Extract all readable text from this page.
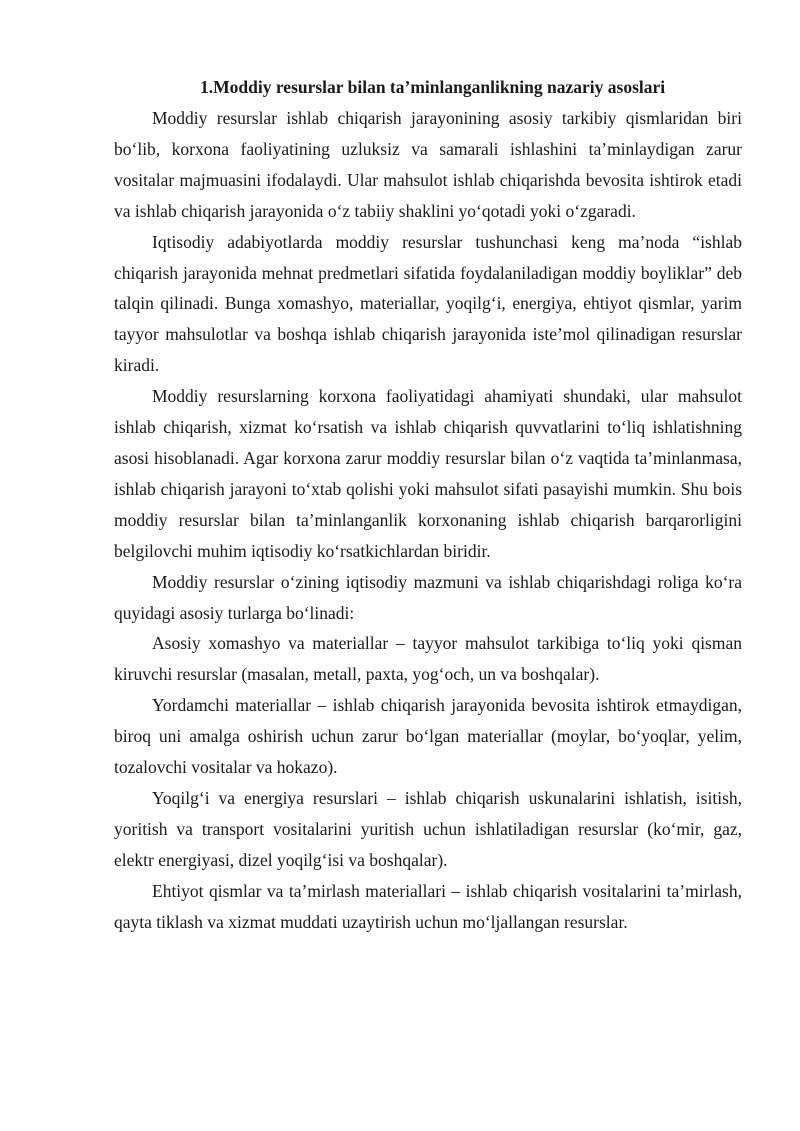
1.Moddiy resurslar bilan ta’minlanganlikning nazariy asoslari

Moddiy resurslar ishlab chiqarish jarayonining asosiy tarkibiy qismlaridan biri bo‘lib, korxona faoliyatining uzluksiz va samarali ishlashini ta’minlaydigan zarur vositalar majmuasini ifodalaydi. Ular mahsulot ishlab chiqarishda bevosita ishtirok etadi va ishlab chiqarish jarayonida o‘z tabiiy shaklini yo‘qotadi yoki o‘zgaradi.

Iqtisodiy adabiyotlarda moddiy resurslar tushunchasi keng ma’noda “ishlab chiqarish jarayonida mehnat predmetlari sifatida foydalaniladigan moddiy boyliklar” deb talqin qilinadi. Bunga xomashyo, materiallar, yoqilg‘i, energiya, ehtiyot qismlar, yarim tayyor mahsulotlar va boshqa ishlab chiqarish jarayonida iste’mol qilinadigan resurslar kiradi.

Moddiy resurslarning korxona faoliyatidagi ahamiyati shundaki, ular mahsulot ishlab chiqarish, xizmat ko‘rsatish va ishlab chiqarish quvvatlarini to‘liq ishlatishning asosi hisoblanadi. Agar korxona zarur moddiy resurslar bilan o‘z vaqtida ta’minlanmasa, ishlab chiqarish jarayoni to‘xtab qolishi yoki mahsulot sifati pasayishi mumkin. Shu bois moddiy resurslar bilan ta’minlanganlik korxonaning ishlab chiqarish barqarorligini belgilovchi muhim iqtisodiy ko‘rsatkichlardan biridir.

Moddiy resurslar o‘zining iqtisodiy mazmuni va ishlab chiqarishdagi roliga ko‘ra quyidagi asosiy turlarga bo‘linadi:

Asosiy xomashyo va materiallar – tayyor mahsulot tarkibiga to‘liq yoki qisman kiruvchi resurslar (masalan, metall, paxta, yog‘och, un va boshqalar).

Yordamchi materiallar – ishlab chiqarish jarayonida bevosita ishtirok etmaydigan, biroq uni amalga oshirish uchun zarur bo‘lgan materiallar (moylar, bo‘yoqlar, yelim, tozalovchi vositalar va hokazo).

Yoqilg‘i va energiya resurslari – ishlab chiqarish uskunalarini ishlatish, isitish, yoritish va transport vositalarini yuritish uchun ishlatiladigan resurslar (ko‘mir, gaz, elektr energiyasi, dizel yoqilg‘isi va boshqalar).

Ehtiyot qismlar va ta’mirlash materiallari – ishlab chiqarish vositalarini ta’mirlash, qayta tiklash va xizmat muddati uzaytirish uchun mo‘ljallangan resurslar.
